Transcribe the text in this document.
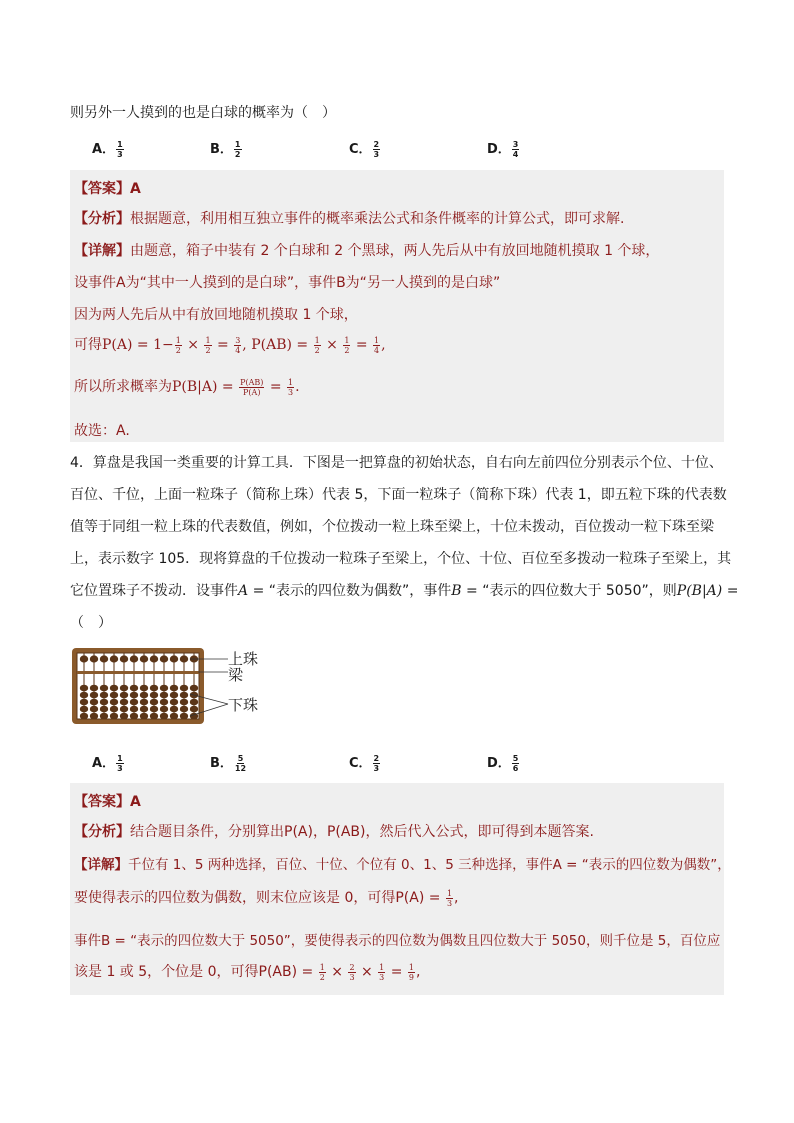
则另外一人摸到的也是白球的概率为（　）
A． $\frac{1}{3}$	B． $\frac{1}{2}$	C． $\frac{2}{3}$	D． $\frac{3}{4}$
【答案】A
【分析】根据题意，利用相互独立事件的概率乘法公式和条件概率的计算公式，即可求解.
【详解】由题意，箱子中装有 2 个白球和 2 个黑球，两人先后从中有放回地随机摸取 1 个球，
设事件A为“其中一人摸到的是白球”，事件B为“另一人摸到的是白球”
因为两人先后从中有放回地随机摸取 1 个球，
可得$P(A) = 1- \frac{1}{2} \times \frac{1}{2} = \frac{3}{4}$ , $P(AB) = \frac{1}{2} \times \frac{1}{2} = \frac{1}{4}$ ,
所以所求概率为$P(B|A) = \frac{P(AB)}{P(A)} = \frac{1}{3}$ .
故选：A.
4．算盘是我国一类重要的计算工具．下图是一把算盘的初始状态，自右向左前四位分别表示个位、十位、
百位、千位，上面一粒珠子（简称上珠）代表 5，下面一粒珠子（简称下珠）代表 1，即五粒下珠的代表数
值等于同组一粒上珠的代表数值，例如，个位拨动一粒上珠至梁上，十位未拨动，百位拨动一粒下珠至梁
上，表示数字 105．现将算盘的千位拨动一粒珠子至梁上，个位、十位、百位至多拨动一粒珠子至梁上，其
它位置珠子不拨动．设事件A = “表示的四位数为偶数”，事件B = “表示的四位数大于 5050”，则P(B|A) =
（　）
上珠
梁
下珠
A． $\frac{1}{3}$	B． $\frac{5}{12}$	C． $\frac{2}{3}$	D． $\frac{5}{6}$
【答案】A
【分析】结合题目条件，分别算出P(A)，P(AB)，然后代入公式，即可得到本题答案.
【详解】千位有 1、5 两种选择，百位、十位、个位有 0、1、5 三种选择，事件A = “表示的四位数为偶数”，
要使得表示的四位数为偶数，则末位应该是 0，可得$P(A) = \frac{1}{3}$ ,
事件B = “表示的四位数大于 5050”，要使得表示的四位数为偶数且四位数大于 5050，则千位是 5，百位应
该是 1 或 5，个位是 0，可得$P(AB) = \frac{1}{2} \times \frac{2}{3} \times \frac{1}{3} = \frac{1}{9}$ ,
